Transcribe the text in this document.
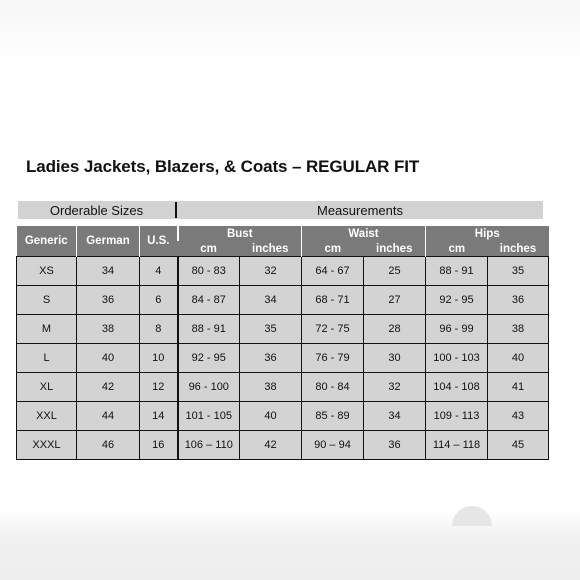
Ladies Jackets, Blazers, & Coats – REGULAR FIT
Orderable Sizes	Measurements
Generic	German	U.S.	Bust		Waist		Hips	
			cm	inches	cm	inches	cm	inches
XS	34	4	80 - 83	32	64 - 67	25	88 - 91	35
S	36	6	84 - 87	34	68 - 71	27	92 - 95	36
M	38	8	88 - 91	35	72 - 75	28	96 - 99	38
L	40	10	92 - 95	36	76 - 79	30	100 - 103	40
XL	42	12	96 - 100	38	80 - 84	32	104 - 108	41
XXL	44	14	101 - 105	40	85 - 89	34	109 - 113	43
XXXL	46	16	106 – 110	42	90 – 94	36	114 – 118	45
